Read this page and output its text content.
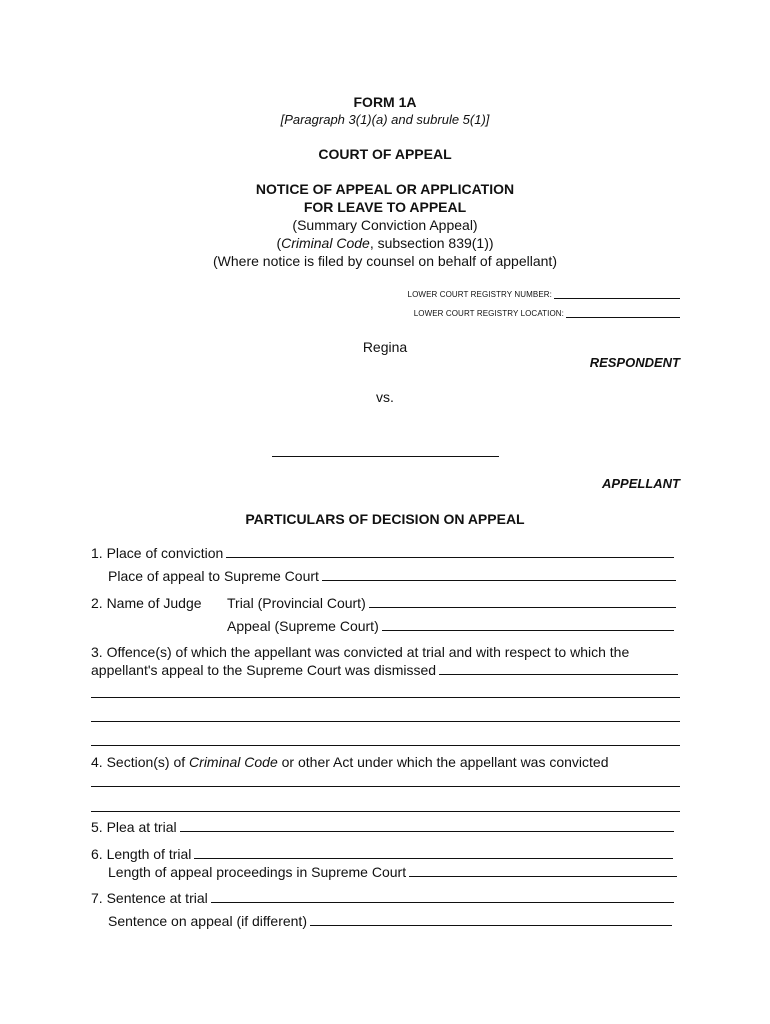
FORM 1A
[Paragraph 3(1)(a) and subrule 5(1)]
COURT OF APPEAL
NOTICE OF APPEAL OR APPLICATION
FOR LEAVE TO APPEAL
(Summary Conviction Appeal)
(Criminal Code, subsection 839(1))
(Where notice is filed by counsel on behalf of appellant)
LOWER COURT REGISTRY NUMBER:
LOWER COURT REGISTRY LOCATION:
Regina
RESPONDENT
vs.
APPELLANT
PARTICULARS OF DECISION ON APPEAL
1. Place of conviction
Place of appeal to Supreme Court
2. Name of Judge Trial (Provincial Court)
Appeal (Supreme Court)
3. Offence(s) of which the appellant was convicted at trial and with respect to which the
appellant's appeal to the Supreme Court was dismissed
4. Section(s) of Criminal Code or other Act under which the appellant was convicted
5. Plea at trial
6. Length of trial
Length of appeal proceedings in Supreme Court
7. Sentence at trial
Sentence on appeal (if different)
